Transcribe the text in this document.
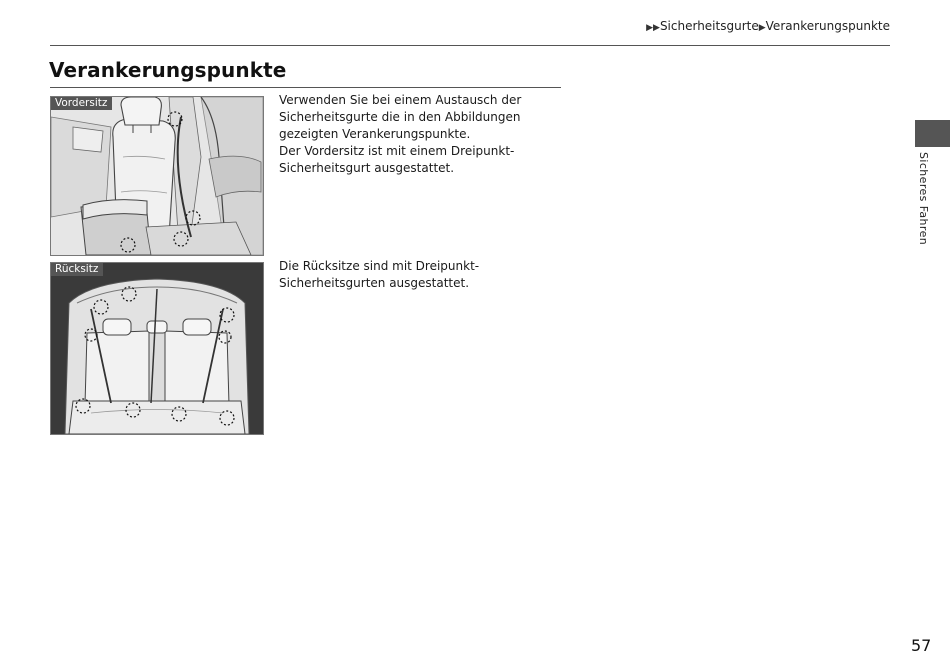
▶▶Sicherheitsgurte▶Verankerungspunkte
Verankerungspunkte
Vordersitz
Rücksitz

Verwenden Sie bei einem Austausch der Sicherheitsgurte die in den Abbildungen gezeigten Verankerungspunkte.

Der Vordersitz ist mit einem Dreipunkt-Sicherheitsgurt ausgestattet.

Die Rücksitze sind mit Dreipunkt-Sicherheitsgurten ausgestattet.

Sicheres Fahren
57
